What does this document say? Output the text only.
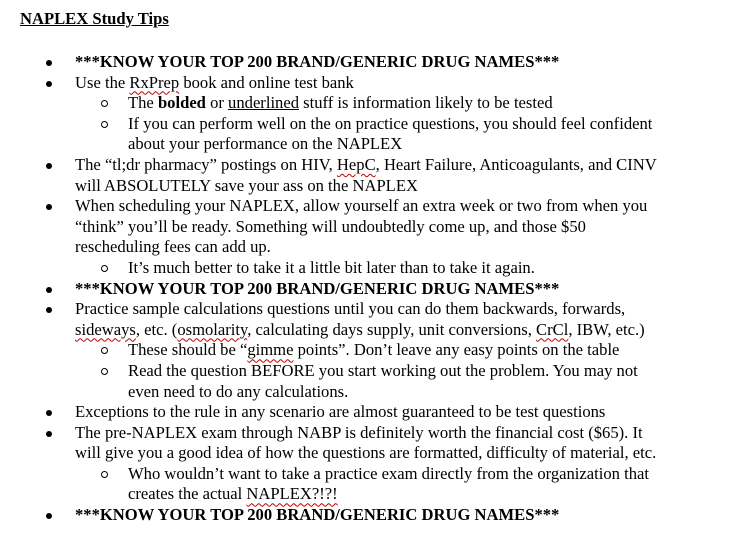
NAPLEX Study Tips
***KNOW YOUR TOP 200 BRAND/GENERIC DRUG NAMES***
Use the RxPrep book and online test bank
The bolded or underlined stuff is information likely to be tested
If you can perform well on the on practice questions, you should feel confident
about your performance on the NAPLEX
The “tl;dr pharmacy” postings on HIV, HepC, Heart Failure, Anticoagulants, and CINV
will ABSOLUTELY save your ass on the NAPLEX
When scheduling your NAPLEX, allow yourself an extra week or two from when you
“think” you’ll be ready. Something will undoubtedly come up, and those $50
rescheduling fees can add up.
It’s much better to take it a little bit later than to take it again.
***KNOW YOUR TOP 200 BRAND/GENERIC DRUG NAMES***
Practice sample calculations questions until you can do them backwards, forwards,
sideways, etc. (osmolarity, calculating days supply, unit conversions, CrCl, IBW, etc.)
These should be “gimme points”. Don’t leave any easy points on the table
Read the question BEFORE you start working out the problem. You may not
even need to do any calculations.
Exceptions to the rule in any scenario are almost guaranteed to be test questions
The pre-NAPLEX exam through NABP is definitely worth the financial cost ($65). It
will give you a good idea of how the questions are formatted, difficulty of material, etc.
Who wouldn’t want to take a practice exam directly from the organization that
creates the actual NAPLEX?!?!
***KNOW YOUR TOP 200 BRAND/GENERIC DRUG NAMES***
